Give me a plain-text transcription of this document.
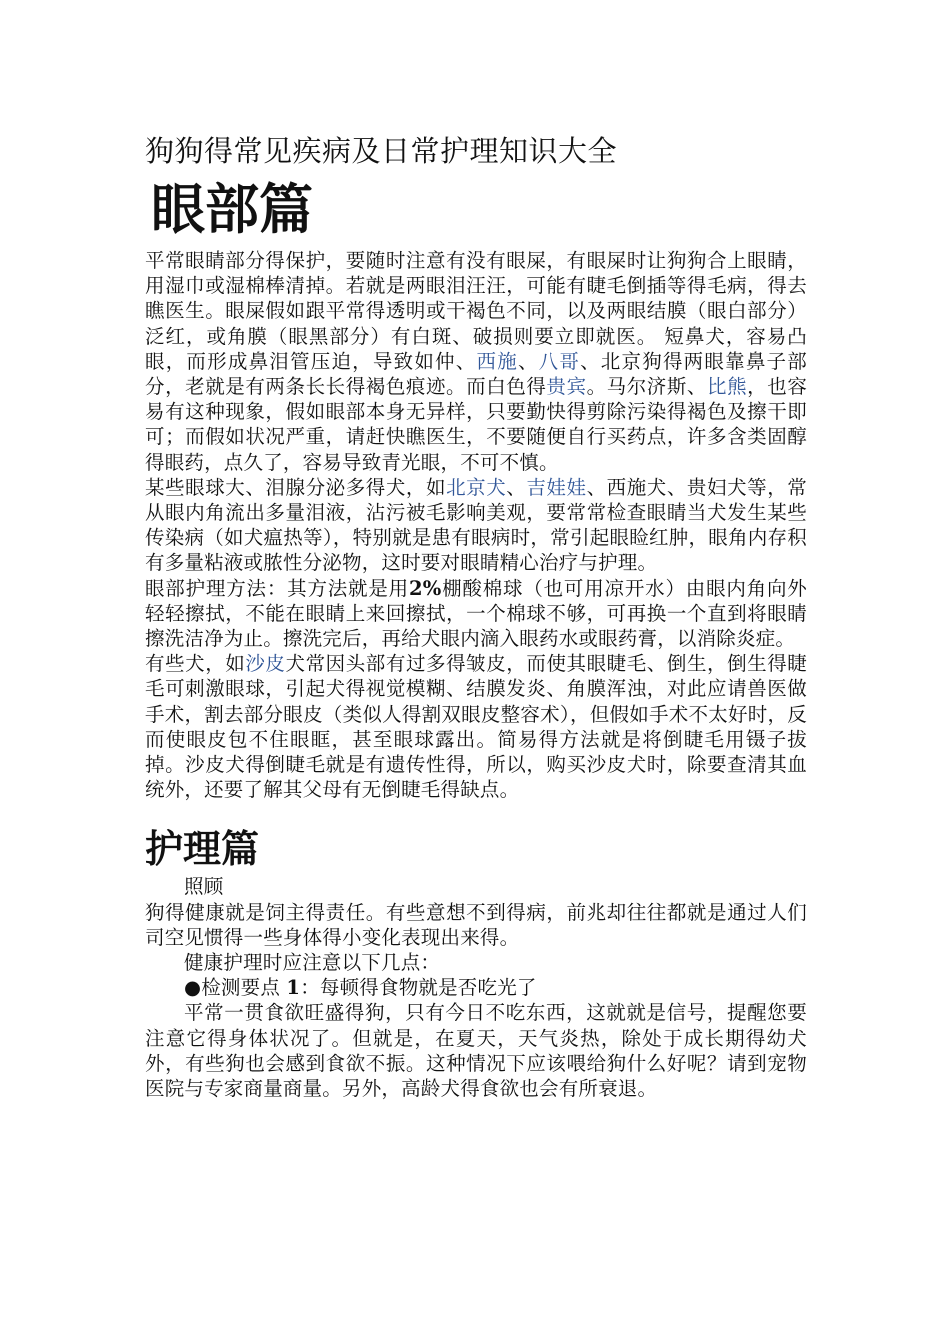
狗狗得常见疾病及日常护理知识大全
眼部篇

平常眼睛部分得保护，要随时注意有没有眼屎，有眼屎时让狗狗合上眼睛，用湿巾或湿棉棒清掉。若就是两眼泪汪汪，可能有睫毛倒插等得毛病，得去瞧医生。眼屎假如跟平常得透明或干褐色不同，以及两眼结膜（眼白部分）泛红，或角膜（眼黑部分）有白斑、破损则要立即就医。 短鼻犬，容易凸眼，而形成鼻泪管压迫，导致如仲、西施、八哥、北京狗得两眼靠鼻子部分，老就是有两条长长得褐色痕迹。而白色得贵宾。马尔济斯、比熊，也容易有这种现象，假如眼部本身无异样，只要勤快得剪除污染得褐色及擦干即可；而假如状况严重，请赶快瞧医生，不要随便自行买药点，许多含类固醇得眼药，点久了，容易导致青光眼，不可不慎。

某些眼球大、泪腺分泌多得犬，如北京犬、吉娃娃、西施犬、贵妇犬等，常从眼内角流出多量泪液，沾污被毛影响美观，要常常检查眼睛当犬发生某些传染病（如犬瘟热等），特别就是患有眼病时，常引起眼睑红肿，眼角内存积有多量粘液或脓性分泌物，这时要对眼睛精心治疗与护理。

眼部护理方法：其方法就是用2%棚酸棉球（也可用凉开水）由眼内角向外轻轻擦拭，不能在眼睛上来回擦拭，一个棉球不够，可再换一个直到将眼睛擦洗洁净为止。擦洗完后，再给犬眼内滴入眼药水或眼药膏，以消除炎症。

有些犬，如沙皮犬常因头部有过多得皱皮，而使其眼睫毛、倒生，倒生得睫毛可刺激眼球，引起犬得视觉模糊、结膜发炎、角膜浑浊，对此应请兽医做手术，割去部分眼皮（类似人得割双眼皮整容术），但假如手术不太好时，反而使眼皮包不住眼眶，甚至眼球露出。简易得方法就是将倒睫毛用镊子拔掉。沙皮犬得倒睫毛就是有遗传性得，所以，购买沙皮犬时，除要查清其血统外，还要了解其父母有无倒睫毛得缺点。

护理篇

照顾

狗得健康就是饲主得责任。有些意想不到得病，前兆却往往都就是通过人们司空见惯得一些身体得小变化表现出来得。

健康护理时应注意以下几点：

●检测要点 1：每顿得食物就是否吃光了

平常一贯食欲旺盛得狗，只有今日不吃东西，这就就是信号，提醒您要注意它得身体状况了。但就是，在夏天，天气炎热，除处于成长期得幼犬外，有些狗也会感到食欲不振。这种情况下应该喂给狗什么好呢？请到宠物医院与专家商量商量。另外，高龄犬得食欲也会有所衰退。
